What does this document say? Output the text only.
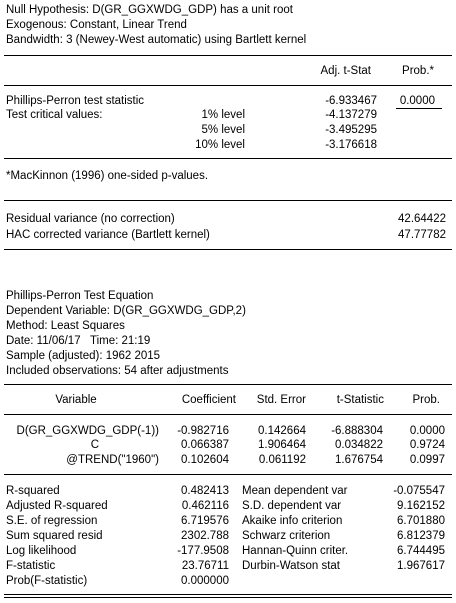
Null Hypothesis: D(GR_GGXWDG_GDP) has a unit root
Exogenous: Constant, Linear Trend
Bandwidth: 3 (Newey-West automatic) using Bartlett kernel
Adj. t-Stat	Prob.*
Phillips-Perron test statistic	-6.933467 0.0000
Test critical values:	1% level	-4.137279
5% level	-3.495295
10% level	-3.176618
*MacKinnon (1996) one-sided p-values.
Residual variance (no correction)	42.64422
HAC corrected variance (Bartlett kernel)	47.77782
Phillips-Perron Test Equation
Dependent Variable: D(GR_GGXWDG_GDP,2)
Method: Least Squares
Date: 11/06/17   Time: 21:19
Sample (adjusted): 1962 2015
Included observations: 54 after adjustments
Variable	Coefficient Std. Error	t-Statistic Prob.
D(GR_GGXWDG_GDP(-1)) -0.982716	0.142664 -6.888304 0.0000
C	0.066387	1.906464	0.034822 0.9724
@TREND("1960") 0.102604	0.061192	1.676754 0.0997
R-squared	0.482413 Mean dependent var	-0.075547
Adjusted R-squared	0.462116 S.D. dependent var	9.162152
S.E. of regression	6.719576 Akaike info criterion	6.701880
Sum squared resid	2302.788 Schwarz criterion	6.812379
Log likelihood	-177.9508 Hannan-Quinn criter.	6.744495
F-statistic	23.76711 Durbin-Watson stat	1.967617
Prob(F-statistic)	0.000000
